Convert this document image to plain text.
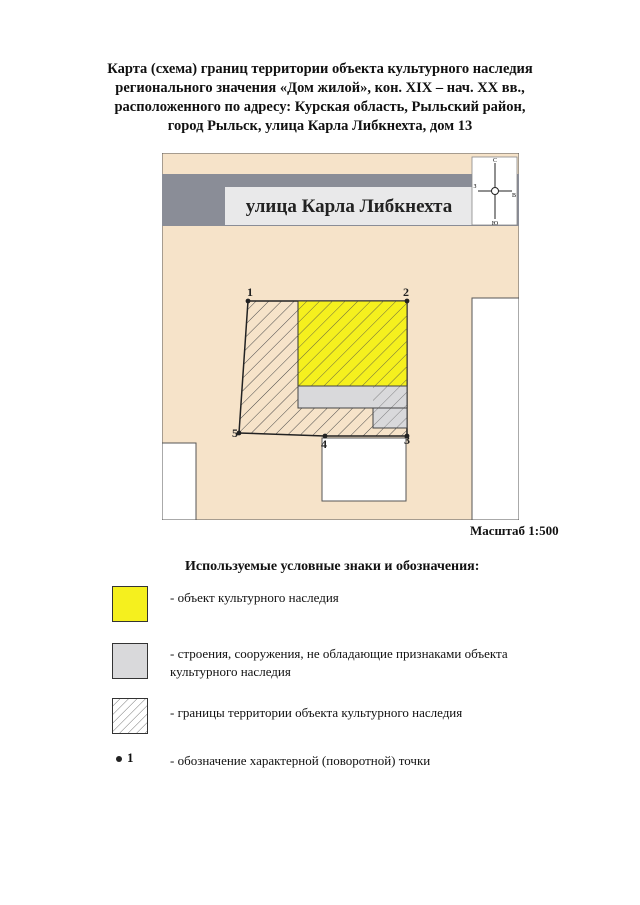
Карта (схема) границ территории объекта культурного наследия
регионального значения «Дом жилой», кон. XIX – нач. XX вв.,
расположенного по адресу: Курская область, Рыльский район,
город Рыльск, улица Карла Либкнехта, дом 13
улица Карла Либкнехта
С
Ю
З
В
1	2
3
4
5
Масштаб 1:500
Используемые условные знаки и обозначения:
- объект культурного наследия
- строения, сооружения, не обладающие признаками объекта
культурного наследия
- границы территории объекта культурного наследия
1	- обозначение характерной (поворотной) точки
